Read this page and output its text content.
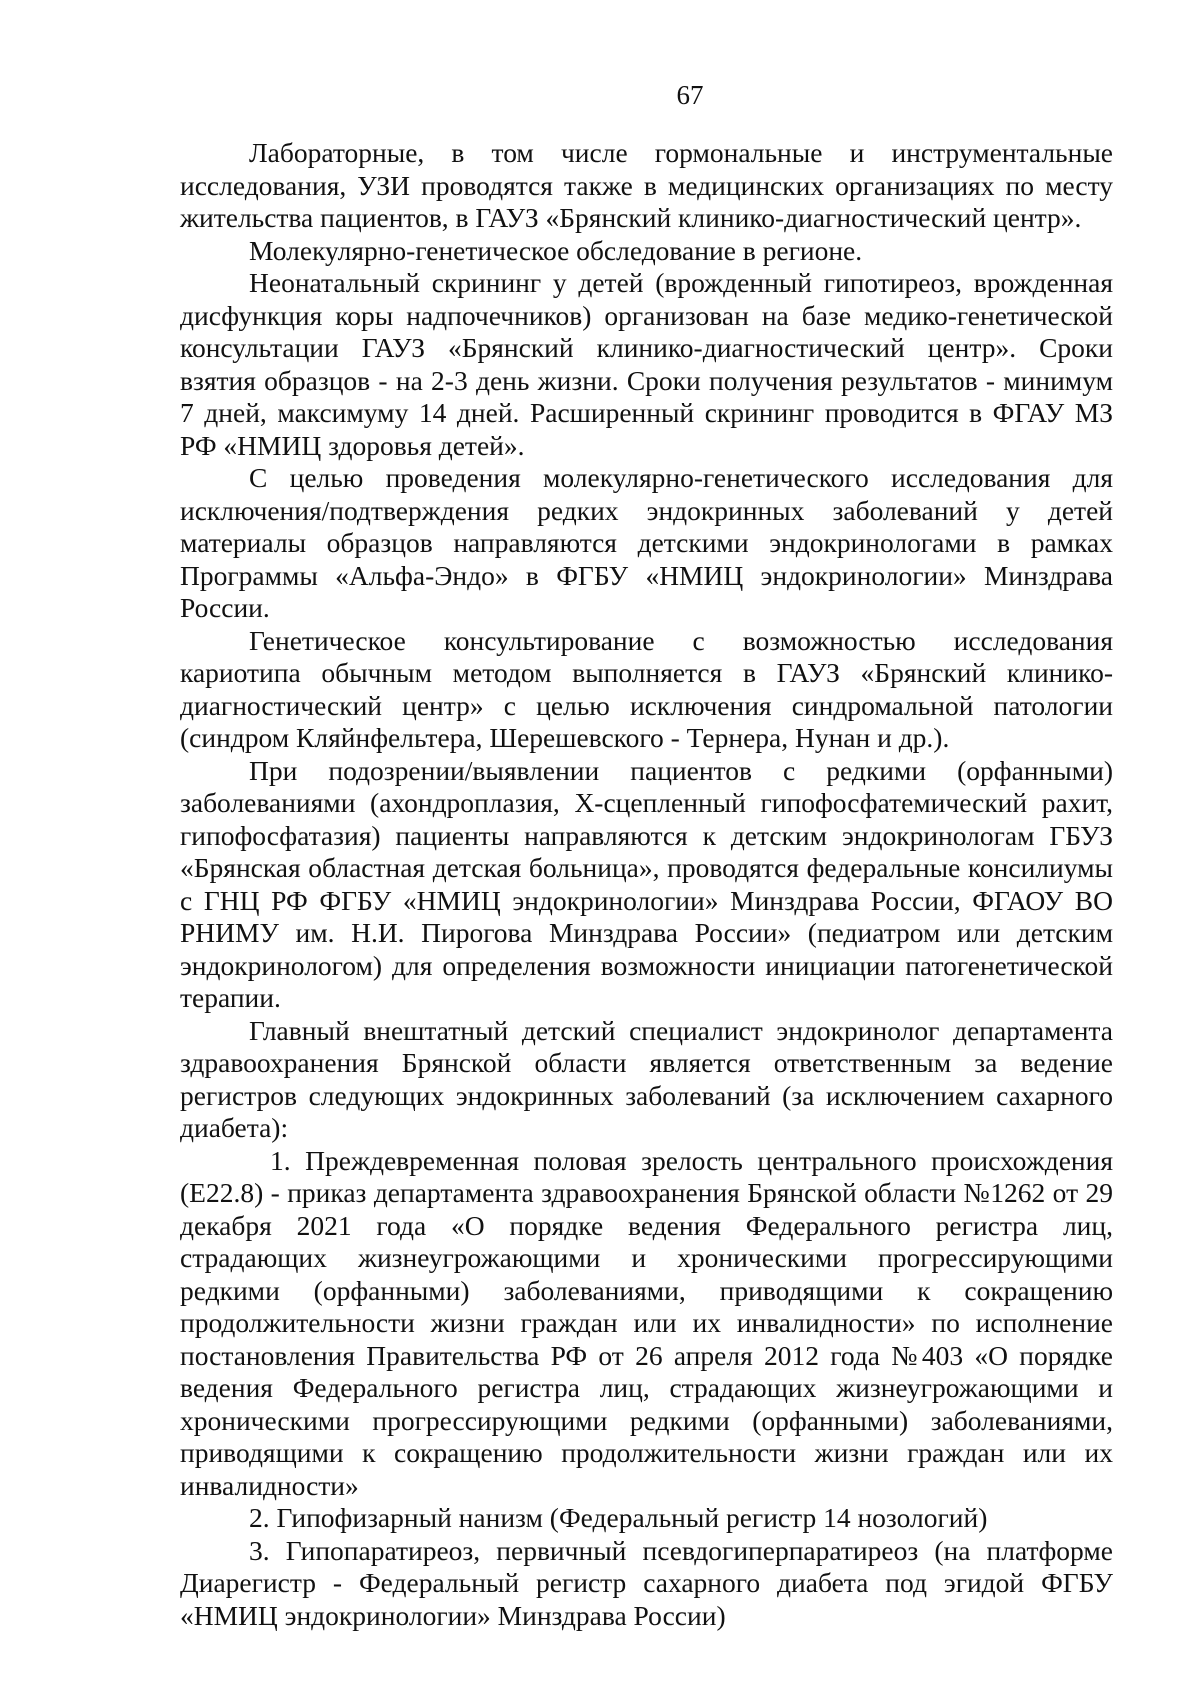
67

Лабораторные, в том числе гормональные и инструментальные исследования, УЗИ проводятся также в медицинских организациях по месту жительства пациентов, в ГАУЗ «Брянский клинико-диагностический центр».

Молекулярно-генетическое обследование в регионе.

Неонатальный скрининг у детей (врожденный гипотиреоз, врожденная дисфункция коры надпочечников) организован на базе медико-генетической консультации ГАУЗ «Брянский клинико-диагностический центр». Сроки взятия образцов - на 2-3 день жизни. Сроки получения результатов - минимум 7 дней, максимуму 14 дней. Расширенный скрининг проводится в ФГАУ МЗ РФ «НМИЦ здоровья детей».

С целью проведения молекулярно-генетического исследования для исключения/подтверждения редких эндокринных заболеваний у детей материалы образцов направляются детскими эндокринологами в рамках Программы «Альфа-Эндо» в ФГБУ «НМИЦ эндокринологии» Минздрава России.

Генетическое консультирование с возможностью исследования кариотипа обычным методом выполняется в ГАУЗ «Брянский клинико-диагностический центр» с целью исключения синдромальной патологии (синдром Кляйнфельтера, Шерешевского - Тернера, Нунан и др.).

При подозрении/выявлении пациентов с редкими (орфанными) заболеваниями (ахондроплазия, Х-сцепленный гипофосфатемический рахит, гипофосфатазия) пациенты направляются к детским эндокринологам ГБУЗ «Брянская областная детская больница», проводятся федеральные консилиумы с ГНЦ РФ ФГБУ «НМИЦ эндокринологии» Минздрава России, ФГАОУ ВО РНИМУ им. Н.И. Пирогова Минздрава России» (педиатром или детским эндокринологом) для определения возможности инициации патогенетической терапии.

Главный внештатный детский специалист эндокринолог департамента здравоохранения Брянской области является ответственным за ведение регистров следующих эндокринных заболеваний (за исключением сахарного диабета):

1. Преждевременная половая зрелость центрального происхождения (Е22.8) - приказ департамента здравоохранения Брянской области №1262 от 29 декабря 2021 года «О порядке ведения Федерального регистра лиц, страдающих жизнеугрожающими и хроническими прогрессирующими редкими (орфанными) заболеваниями, приводящими к сокращению продолжительности жизни граждан или их инвалидности» по исполнение постановления Правительства РФ от 26 апреля 2012 года №403 «О порядке ведения Федерального регистра лиц, страдающих жизнеугрожающими и хроническими прогрессирующими редкими (орфанными) заболеваниями, приводящими к сокращению продолжительности жизни граждан или их инвалидности»

2. Гипофизарный нанизм (Федеральный регистр 14 нозологий)

3. Гипопаратиреоз, первичный псевдогиперпаратиреоз (на платформе Диарегистр - Федеральный регистр сахарного диабета под эгидой ФГБУ «НМИЦ эндокринологии» Минздрава России)
